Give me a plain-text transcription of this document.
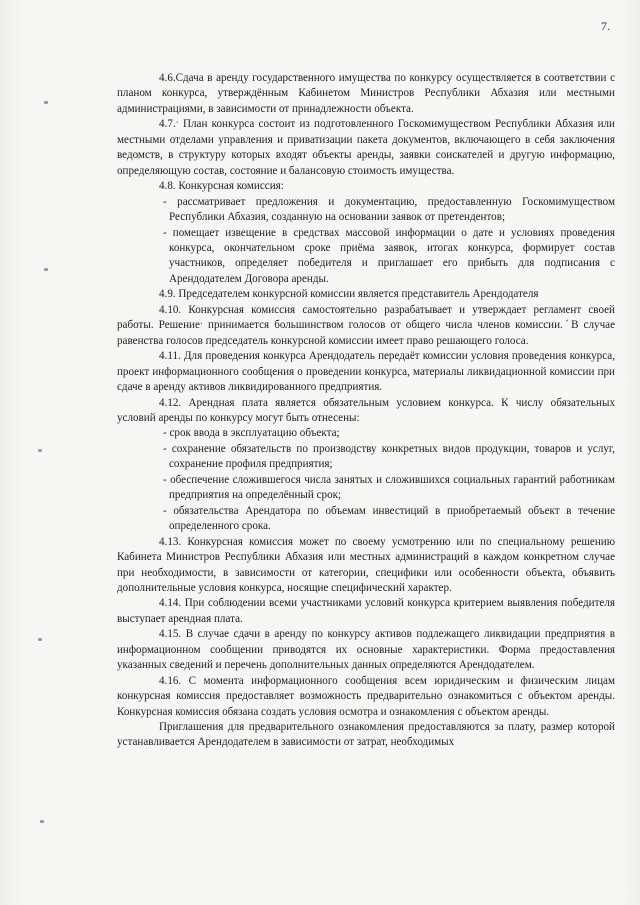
7.

4.6.Сдача в аренду государственного имущества по конкурсу осуществляется в соответствии с планом конкурса, утверждённым Кабинетом Министров Республики Абхазия или местными администрациями, в зависимости от принадлежности объекта.

4.7.ˑ План конкурса состоит из подготовленного Госкомимуществом Республики Абхазия или местными отделами управления и приватизации пакета документов, включающего в себя заключения ведомств, в структуру которых входят объекты аренды, заявки соискателей и другую информацию, определяющую состав, состояние и балансовую стоимость имущества.

4.8. Конкурсная комиссия:

- рассматривает предложения и документацию, предоставленную Госкомимуществом Республики Абхазия, созданную на основании заявок от претендентов;

- помещает извещение в средствах массовой информации о дате и условиях проведения конкурса, окончательном сроке приёма заявок, итогах конкурса, формирует состав участников, определяет победителя и приглашает его прибыть для подписания с Арендодателем Договора аренды.

4.9. Председателем конкурсной комиссии является представитель Арендодателя

4.10. Конкурсная комиссия самостоятельно разрабатывает и утверждает регламент своей работы. Решениеˑ принимается большинством голосов от общего числа членов комиссии.ˊВ случае равенства голосов председатель конкурсной комиссии имеет право решающего голоса.

4.11. Для проведения конкурса Арендодатель передаёт комиссии условия проведения конкурса, проект информационного сообщения о проведении конкурса, материалы ликвидационной комиссии при сдаче в аренду активов ликвидированного предприятия.

4.12. Арендная плата является обязательным условием конкурса. К числу обязательных условий аренды по конкурсу могут быть отнесены:

- срок ввода в эксплуатацию объекта;

- сохранение обязательств по производству конкретных видов продукции, товаров и услуг, сохранение профиля предприятия;

- обеспечение сложившегося числа занятых и сложившихся социальных гарантий работникам предприятия на определённый срок;

- обязательства Арендатора по объемам инвестиций в приобретаемый объект в течение определенного срока.

4.13. Конкурсная комиссия может по своему усмотрению или по специальному решению Кабинета Министров Республики Абхазия или местных администраций в каждом конкретном случае при необходимости, в зависимости от категории, специфики или особенности объекта, объявить дополнительные условия конкурса, носящие специфический характер.

4.14. При соблюдении всеми участниками условий конкурса критерием выявления победителя выступает арендная плата.

4.15. В случае сдачи в аренду по конкурсу активов подлежащего ликвидации предприятия в информационном сообщении приводятся их основные характеристики. Форма предоставления указанных сведений и перечень дополнительных данных определяются Арендодателем.

4.16. С момента информационного сообщения всем юридическим и физическим лицам конкурсная комиссия предоставляет возможность предварительно ознакомиться с объектом аренды. Конкурсная комиссия обязана создать условия осмотра и ознакомления с объектом аренды.

Приглашения для предварительного ознакомления предоставляются за плату, размер которой устанавливается Арендодателем в зависимости от затрат, необходимых
